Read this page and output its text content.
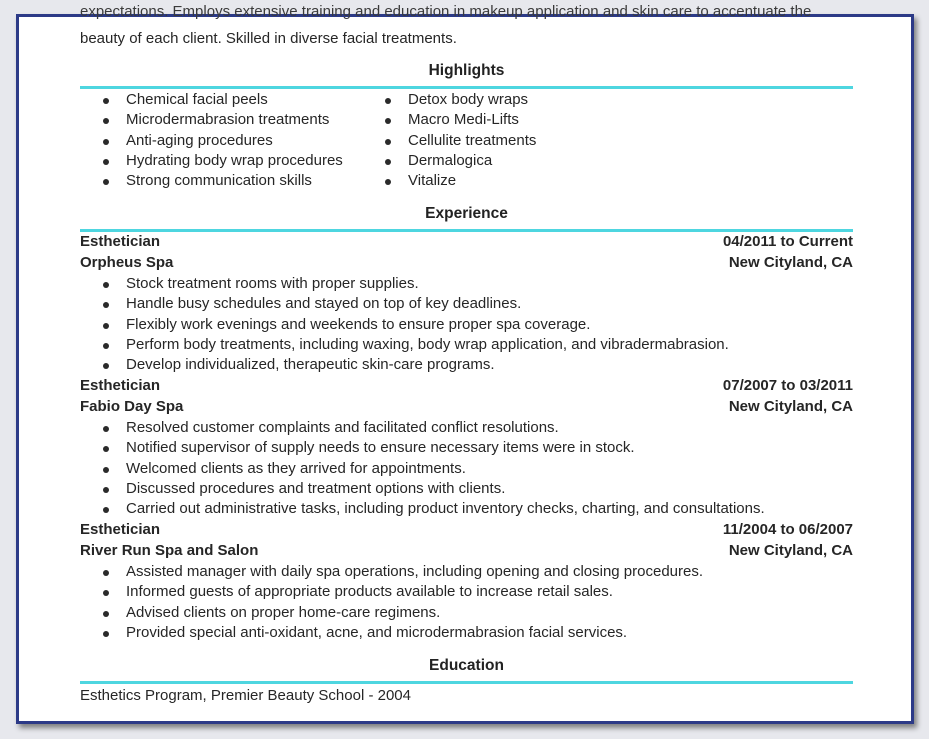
expectations. Employs extensive training and education in makeup application and skin care to accentuate the
beauty of each client. Skilled in diverse facial treatments.
Highlights
Chemical facial peels
Microdermabrasion treatments
Anti-aging procedures
Hydrating body wrap procedures
Strong communication skills
Detox body wraps
Macro Medi-Lifts
Cellulite treatments
Dermalogica
Vitalize
Experience
Esthetician	04/2011 to Current
Orpheus Spa	New Cityland, CA
Stock treatment rooms with proper supplies.
Handle busy schedules and stayed on top of key deadlines.
Flexibly work evenings and weekends to ensure proper spa coverage.
Perform body treatments, including waxing, body wrap application, and vibradermabrasion.
Develop individualized, therapeutic skin-care programs.
Esthetician	07/2007 to 03/2011
Fabio Day Spa	New Cityland, CA
Resolved customer complaints and facilitated conflict resolutions.
Notified supervisor of supply needs to ensure necessary items were in stock.
Welcomed clients as they arrived for appointments.
Discussed procedures and treatment options with clients.
Carried out administrative tasks, including product inventory checks, charting, and consultations.
Esthetician	11/2004 to 06/2007
River Run Spa and Salon	New Cityland, CA
Assisted manager with daily spa operations, including opening and closing procedures.
Informed guests of appropriate products available to increase retail sales.
Advised clients on proper home-care regimens.
Provided special anti-oxidant, acne, and microdermabrasion facial services.
Education
Esthetics Program, Premier Beauty School - 2004
